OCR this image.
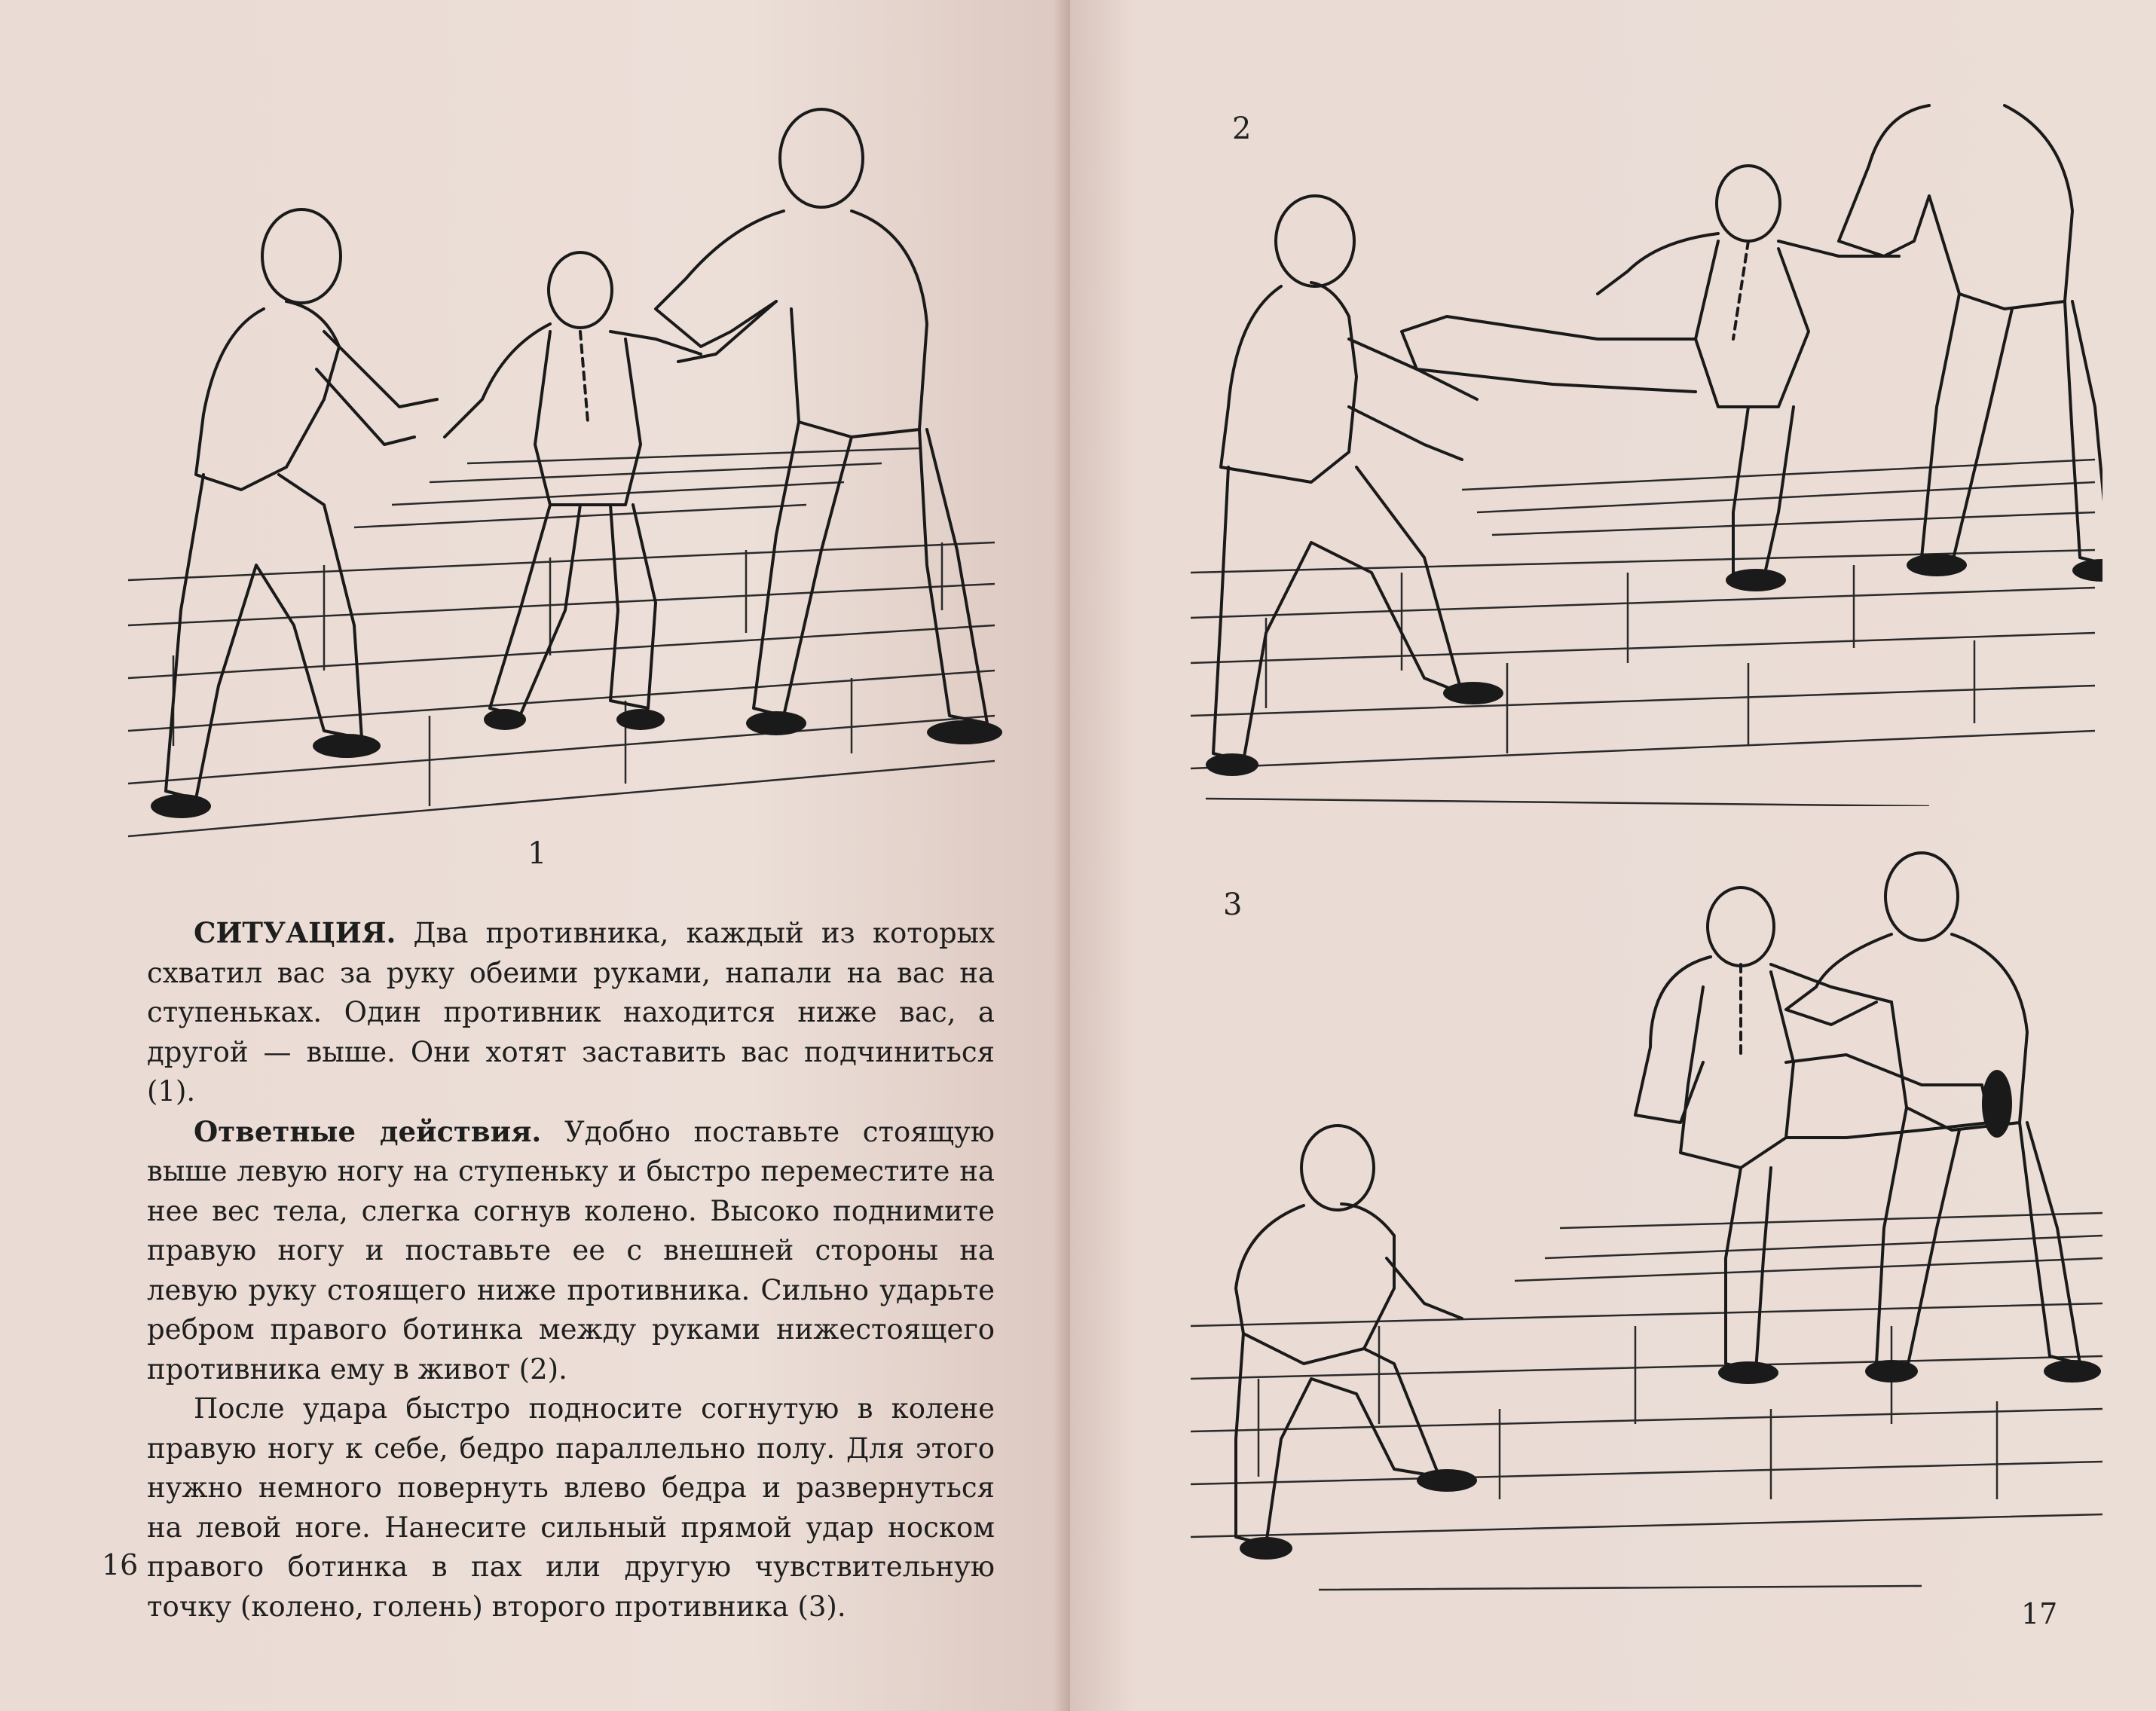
1

СИТУАЦИЯ. Два противника, каждый из которых схватил вас за руку обеими руками, напали на вас на ступеньках. Один противник находится ниже вас, а другой — выше. Они хотят заставить вас подчиниться (1).

Ответные действия. Удобно поставьте стоящую выше левую ногу на ступеньку и быстро переместите на нее вес тела, слегка согнув колено. Высоко поднимите правую ногу и поставьте ее с внешней стороны на левую руку стоящего ниже противника. Сильно ударьте ребром правого ботинка между руками нижестоящего противника ему в живот (2).

После удара быстро подносите согнутую в колене правую ногу к себе, бедро параллельно полу. Для этого нужно немного повернуть влево бедра и развернуться на левой ноге. Нанесите сильный прямой удар носком правого ботинка в пах или другую чувствительную точку (колено, голень) второго противника (3).

16
2
3
17
